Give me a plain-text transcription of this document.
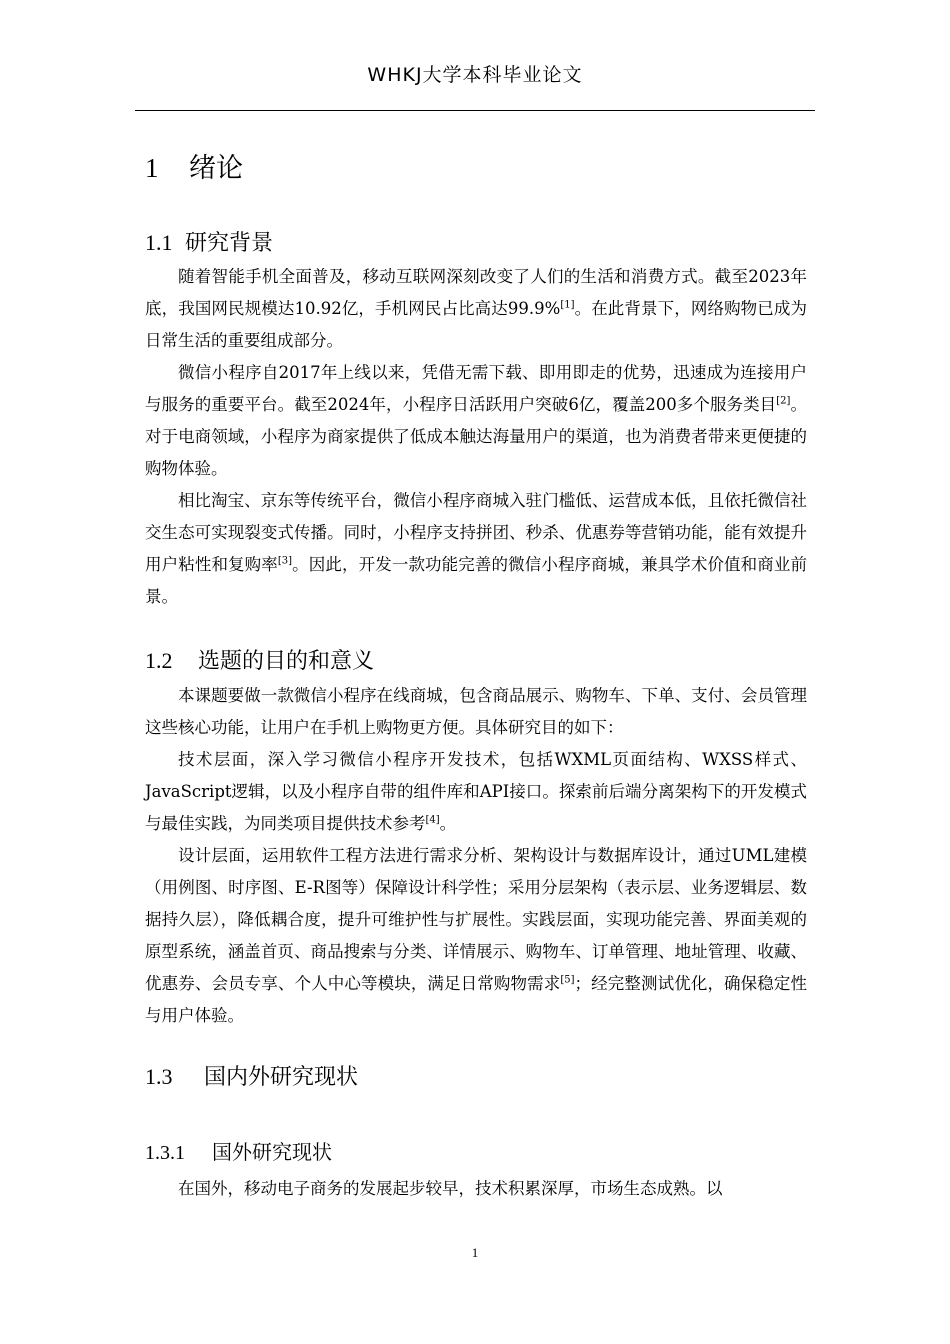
WHKJ大学本科毕业论文
1 绪论
1.1 研究背景

随着智能手机全面普及，移动互联网深刻改变了人们的生活和消费方式。截至2023年底，我国网民规模达10.92亿，手机网民占比高达99.9%[1]。在此背景下，网络购物已成为日常生活的重要组成部分。

微信小程序自2017年上线以来，凭借无需下载、即用即走的优势，迅速成为连接用户与服务的重要平台。截至2024年，小程序日活跃用户突破6亿，覆盖200多个服务类目[2]。对于电商领域，小程序为商家提供了低成本触达海量用户的渠道，也为消费者带来更便捷的购物体验。

相比淘宝、京东等传统平台，微信小程序商城入驻门槛低、运营成本低，且依托微信社交生态可实现裂变式传播。同时，小程序支持拼团、秒杀、优惠券等营销功能，能有效提升用户粘性和复购率[3]。因此，开发一款功能完善的微信小程序商城，兼具学术价值和商业前景。

1.2 选题的目的和意义

本课题要做一款微信小程序在线商城，包含商品展示、购物车、下单、支付、会员管理这些核心功能，让用户在手机上购物更方便。具体研究目的如下：

技术层面，深入学习微信小程序开发技术，包括WXML页面结构、WXSS样式、JavaScript逻辑，以及小程序自带的组件库和API接口。探索前后端分离架构下的开发模式与最佳实践，为同类项目提供技术参考[4]。

设计层面，运用软件工程方法进行需求分析、架构设计与数据库设计，通过UML建模（用例图、时序图、E-R图等）保障设计科学性；采用分层架构（表示层、业务逻辑层、数据持久层），降低耦合度，提升可维护性与扩展性。实践层面，实现功能完善、界面美观的原型系统，涵盖首页、商品搜索与分类、详情展示、购物车、订单管理、地址管理、收藏、优惠券、会员专享、个人中心等模块，满足日常购物需求[5]；经完整测试优化，确保稳定性与用户体验。

1.3 国内外研究现状
1.3.1 国外研究现状

在国外，移动电子商务的发展起步较早，技术积累深厚，市场生态成熟。以

1
